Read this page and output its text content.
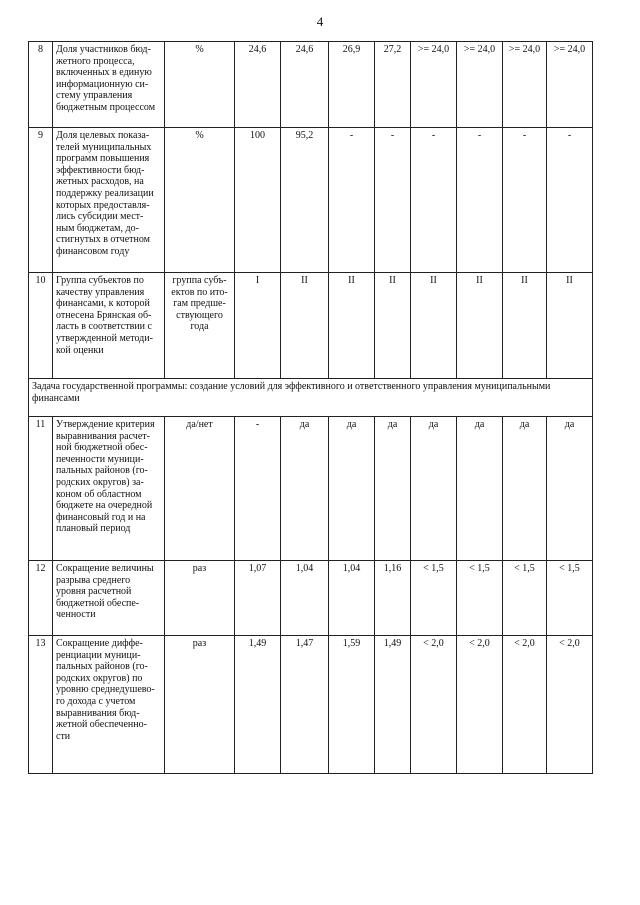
4
8	Доля участников бюд-жетного процесса, включенных в единую информационную си-стему управления бюджетным процессом	%	24,6	24,6	26,9	27,2	>= 24,0	>= 24,0	>= 24,0	>= 24,0
9	Доля целевых показа-телей муниципальных программ повышения эффективности бюд-жетных расходов, на поддержку реализации которых предоставля-лись субсидии мест-ным бюджетам, до-стигнутых в отчетном финансовом году	%	100	95,2	-	-	-	-	-	-
10	Группа субъектов по качеству управления финансами, к которой отнесена Брянская об-ласть в соответствии с утвержденной методи-кой оценки	группа субъ-ектов по ито-гам предше-ствующего года	I	II	II	II	II	II	II	II
Задача государственной программы: создание условий для эффективного и ответственного управления муниципальными финансами										
11	Утверждение критерия выравнивания расчет-ной бюджетной обес-печенности муници-пальных районов (го-родских округов) за-коном об областном бюджете на очередной финансовый год и на плановый период	да/нет	-	да	да	да	да	да	да	да
12	Сокращение величины разрыва среднего уровня расчетной бюджетной обеспе-ченности	раз	1,07	1,04	1,04	1,16	< 1,5	< 1,5	< 1,5	< 1,5
13	Сокращение диффе-ренциации муници-пальных районов (го-родских округов) по уровню среднедушево-го дохода с учетом выравнивания бюд-жетной обеспеченно-сти	раз	1,49	1,47	1,59	1,49	< 2,0	< 2,0	< 2,0	< 2,0
